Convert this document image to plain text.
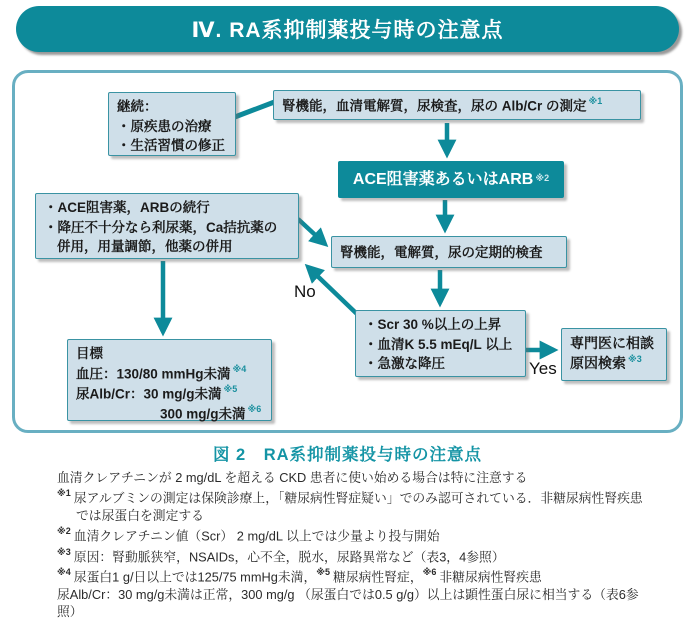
Ⅳ. RA系抑制薬投与時の注意点
継続：
・原疾患の治療
・生活習慣の修正
腎機能，血清電解質，尿検査，尿の Alb/Cr の測定 $^{※1}$
ACE阻害薬あるいはARB$^{※2}$
・ACE阻害薬，ARBの続行
・降圧不十分なら利尿薬，Ca拮抗薬の
併用，用量調節，他薬の併用	腎機能，電解質，尿の定期的検査
・Scr 30 %以上の上昇
・血清K 5.5 mEq/L 以上
・急激な降圧
専門医に相談
原因検索 $^{※3}$
目標
血圧：130/80 mmHg未満 $^{※4}$
尿Alb/Cr：30 mg/g未満 $^{※5}$
300 mg/g未満 $^{※6}$
No
Yes
図 2　RA系抑制薬投与時の注意点
血清クレアチニンが 2 mg/dL を超える CKD 患者に使い始める場合は特に注意する
$^{※1}$ 尿アルブミンの測定は保険診療上，「糖尿病性腎症疑い」でのみ認可されている．非糖尿病性腎疾患では尿蛋白を測定する
$^{※2}$ 血清クレアチニン値（Scr） 2 mg/dL 以上では少量より投与開始
$^{※3}$ 原因：腎動脈狭窄，NSAIDs，心不全，脱水，尿路異常など（表3，4参照）
$^{※4}$ 尿蛋白1 g/日以上では125/75 mmHg未満，$^{※5}$ 糖尿病性腎症，$^{※6}$ 非糖尿病性腎疾患
尿Alb/Cr：30 mg/g未満は正常，300 mg/g （尿蛋白では0.5 g/g）以上は顕性蛋白尿に相当する（表6参照）
